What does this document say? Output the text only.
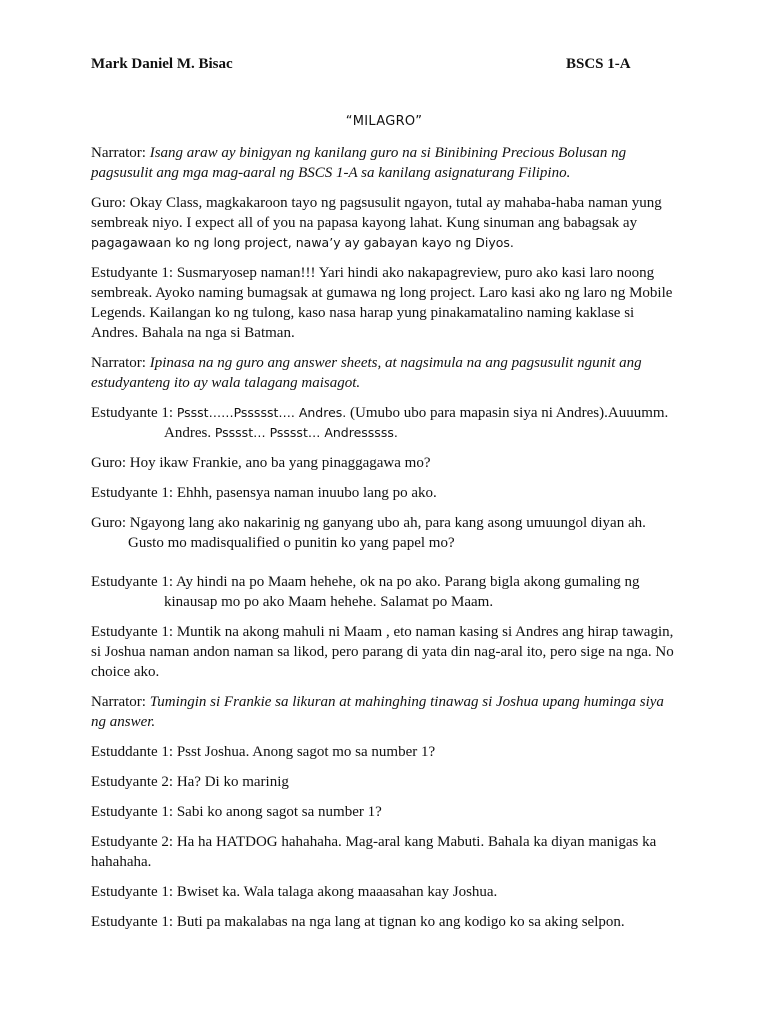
Mark Daniel M. Bisac	BSCS 1-A
“MILAGRO”

Narrator: Isang araw ay binigyan ng kanilang guro na si Binibining Precious Bolusan ng pagsusulit ang mga mag-aaral ng BSCS 1-A sa kanilang asignaturang Filipino.

Guro: Okay Class, magkakaroon tayo ng pagsusulit ngayon, tutal ay mahaba-haba naman yung sembreak niyo. I expect all of you na papasa kayong lahat. Kung sinuman ang babagsak ay pagagawaan ko ng long project, nawa’y ay gabayan kayo ng Diyos.

Estudyante 1: Susmaryosep naman!!! Yari hindi ako nakapagreview, puro ako kasi laro noong sembreak. Ayoko naming bumagsak at gumawa ng long project. Laro kasi ako ng laro ng Mobile Legends. Kailangan ko ng tulong, kaso nasa harap yung pinakamatalino naming kaklase si Andres. Bahala na nga si Batman.

Narrator: Ipinasa na ng guro ang answer sheets, at nagsimula na ang pagsusulit ngunit ang estudyanteng ito ay wala talagang maisagot.

Estudyante 1: Pssst……Pssssst…. Andres. (Umubo ubo para mapasin siya ni Andres).Auuumm.
Andres. Psssst… Psssst… Andresssss.

Guro: Hoy ikaw Frankie, ano ba yang pinaggagawa mo?

Estudyante 1: Ehhh, pasensya naman inuubo lang po ako.

Guro: Ngayong lang ako nakarinig ng ganyang ubo ah, para kang asong umuungol diyan ah.
Gusto mo madisqualified o punitin ko yang papel mo?

Estudyante 1: Ay hindi na po Maam hehehe, ok na po ako. Parang bigla akong gumaling ng
kinausap mo po ako Maam hehehe. Salamat po Maam.

Estudyante 1: Muntik na akong mahuli ni Maam , eto naman kasing si Andres ang hirap tawagin, si Joshua naman andon naman sa likod, pero parang di yata din nag-aral ito, pero sige na nga. No choice ako.

Narrator: Tumingin si Frankie sa likuran at mahinghing tinawag si Joshua upang huminga siya ng answer.

Estuddante 1: Psst Joshua. Anong sagot mo sa number 1?

Estudyante 2: Ha? Di ko marinig

Estudyante 1: Sabi ko anong sagot sa number 1?

Estudyante 2: Ha ha HATDOG hahahaha. Mag-aral kang Mabuti. Bahala ka diyan manigas ka hahahaha.

Estudyante 1: Bwiset ka. Wala talaga akong maaasahan kay Joshua.

Estudyante 1: Buti pa makalabas na nga lang at tignan ko ang kodigo ko sa aking selpon.
